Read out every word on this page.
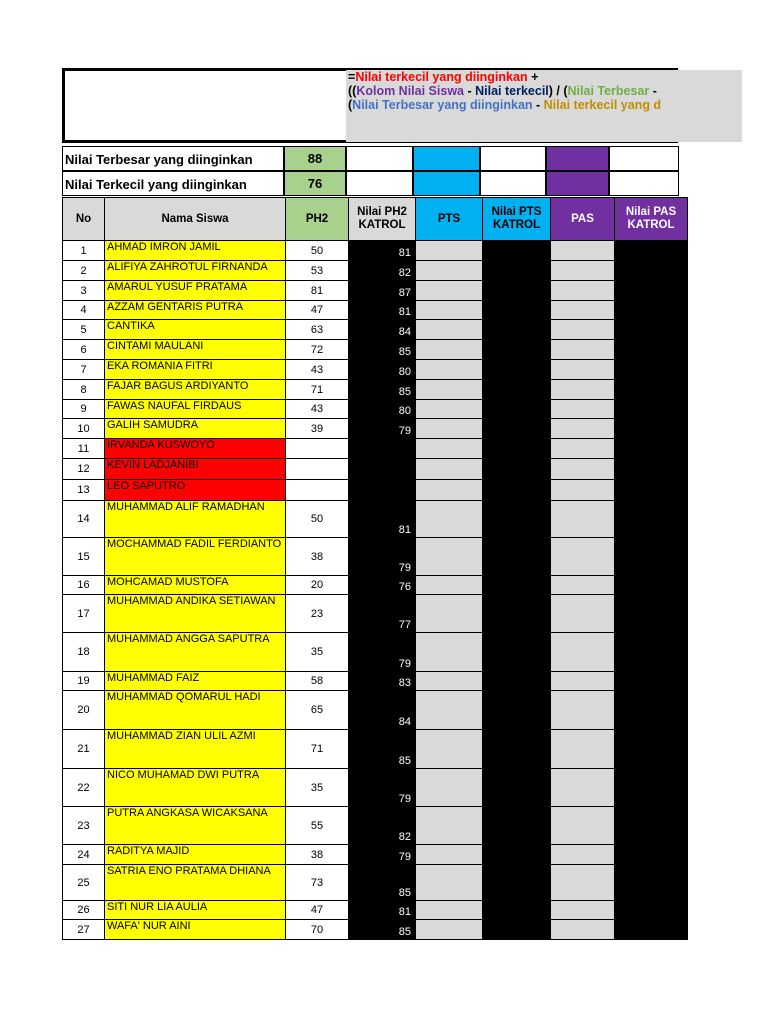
=Nilai terkecil yang diinginkan +
((Kolom Nilai Siswa - Nilai terkecil) / (Nilai Terbesar -
(Nilai Terbesar yang diinginkan - Nilai terkecil yang d
Nilai Terbesar yang diinginkan	88
Nilai Terkecil yang diinginkan	76
No	Nama Siswa	PH2	Nilai PH2 KATROL	PTS	Nilai PTS KATROL	PAS	Nilai PAS KATROL
1	AHMAD IMRON JAMIL	50	81				
2	ALIFIYA ZAHROTUL FIRNANDA	53	82				
3	AMARUL YUSUF PRATAMA	81	87				
4	AZZAM GENTARIS PUTRA	47	81				
5	CANTIKA	63	84				
6	CINTAMI MAULANI	72	85				
7	EKA ROMANIA FITRI	43	80				
8	FAJAR BAGUS ARDIYANTO	71	85				
9	FAWAS NAUFAL FIRDAUS	43	80				
10	GALIH SAMUDRA	39	79				
11	IRVANDA KUSWOYO						
12	KEVIN LADJANIBI						
13	LEO SAPUTRO						
14	MUHAMMAD ALIF RAMADHAN	50	81				
15	MOCHAMMAD FADIL FERDIANTO	38	79				
16	MOHCAMAD MUSTOFA	20	76				
17	MUHAMMAD ANDIKA SETIAWAN	23	77				
18	MUHAMMAD ANGGA SAPUTRA	35	79				
19	MUHAMMAD FAIZ	58	83				
20	MUHAMMAD QOMARUL HADI	65	84				
21	MUHAMMAD ZIAN ULIL AZMI	71	85				
22	NICO MUHAMAD DWI PUTRA	35	79				
23	PUTRA ANGKASA WICAKSANA	55	82				
24	RADITYA MAJID	38	79				
25	SATRIA ENO PRATAMA DHIANA	73	85				
26	SITI NUR LIA AULIA	47	81				
27	WAFA' NUR AINI	70	85				
